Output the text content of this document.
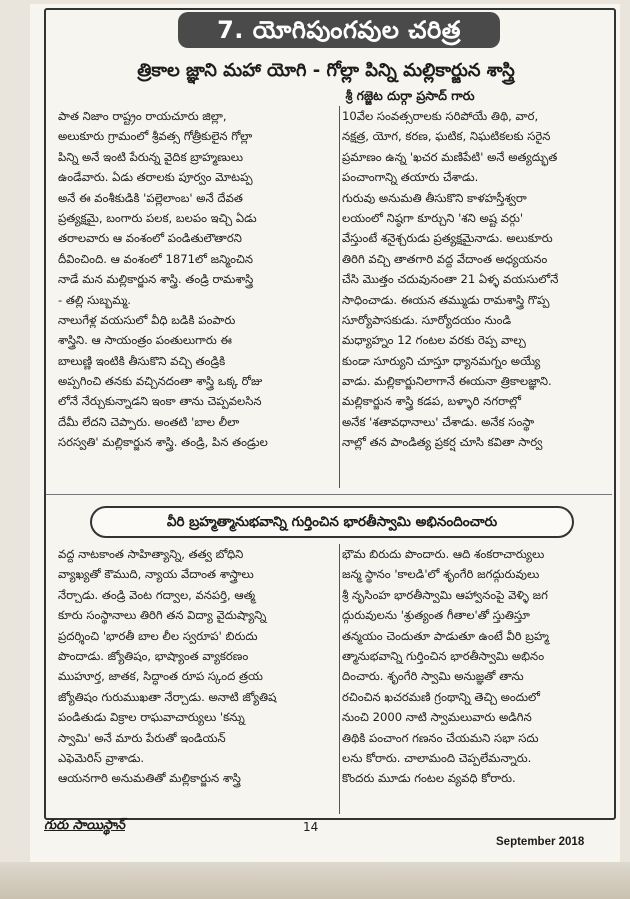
7. యోగిపుంగవుల చరిత్ర
త్రికాల జ్ఞాని మహా యోగి - గోల్లా పిన్ని మల్లికార్జున శాస్త్రి
శ్రీ గజ్జెట దుర్గా ప్రసాద్ గారు
పాత నిజాం రాష్ట్రం రాయచూరు జిల్లా,
అలుకూరు గ్రామంలో శ్రీవత్స గోత్రీకులైన గోల్లా
పిన్ని అనే ఇంటి పేరున్న వైదిక బ్రాహ్మణులు
ఉండేవారు. ఏడు తరాలకు పూర్వం మోటప్ప
అనే ఈ వంశీకుడికి 'పల్లెలాంబ' అనే దేవత
ప్రత్యక్షమై, బంగారు పలక, బలపం ఇచ్చి ఏడు
తరాలవారు ఆ వంశంలో పండితులౌతారని
దీవించింది. ఆ వంశంలో 1871లో జన్మించిన
నాడే మన మల్లికార్జున శాస్త్రి. తండ్రి రామశాస్త్రి
- తల్లి సుబ్బమ్మ.
నాలుగేళ్ల వయసులో వీధి బడికి పంపారు
శాస్త్రిని. ఆ సాయంత్రం పంతులుగారు ఈ
బాలుణ్ణి ఇంటికి తీసుకొని వచ్చి తండ్రికి
అప్పగించి తనకు వచ్చినదంతా శాస్త్రి ఒక్క రోజు
లోనే నేర్చుకున్నాడని ఇంకా తాను చెప్పవలసిన
దేమీ లేదని చెప్పారు. అంతటి 'బాల లీలా
సరస్వతి' మల్లికార్జున శాస్త్రి. తండ్రి, పిన తండ్రుల
10వేల సంవత్సరాలకు సరిపోయే తిథి, వార,
నక్షత్ర, యోగ, కరణ, ఘటిక, నిఘటికలకు సరైన
ప్రమాణం ఉన్న 'ఖచర మణిపేటి' అనే అత్యద్భుత
పంచాంగాన్ని తయారు చేశాడు.
గురువు అనుమతి తీసుకొని కాళహస్తీశ్వరా
లయంలో నిష్ఠగా కూర్చుని 'శని అష్ట వర్గు'
వేస్తుంటే శనైశ్చరుడు ప్రత్యక్షమైనాడు. అలుకూరు
తిరిగి వచ్చి తాతగారి వద్ద వేదాంత అధ్యయనం
చేసి మొత్తం చదువునంతా 21 ఏళ్ళ వయసులోనే
సాధించాడు. ఈయన తమ్ముడు రామశాస్త్రి గొప్ప
సూర్యోపాసకుడు. సూర్యోదయం నుండి
మధ్యాహ్నం 12 గంటల వరకు రెప్ప వాల్చ
కుండా సూర్యుని చూస్తూ ధ్యానమగ్నం అయ్యే
వాడు. మల్లికార్జునిలాగానే ఈయనా త్రికాలజ్ఞాని.
మల్లికార్జున శాస్త్రి కడప, బళ్ళారి నగరాల్లో
అనేక 'శతావధానాలు' చేశాడు. అనేక సంస్థా
నాల్లో తన పాండిత్య ప్రకర్ష చూసి కవితా సార్వ
వీరి బ్రహ్మత్మానుభవాన్ని గుర్తించిన భారతీస్వామి అభినందించారు
వద్ద నాటకాంత సాహిత్యాన్ని, తత్వ బోధిని
వ్యాఖ్యతో కౌముది, న్యాయ వేదాంత శాస్త్రాలు
నేర్చాడు. తండ్రి వెంట గద్వాల, వనపర్తి, ఆత్మ
కూరు సంస్థానాలు తిరిగి తన విద్యా వైదుష్యాన్ని
ప్రదర్శించి 'భారతీ బాల లీల స్వరూప' బిరుదు
పొందాడు. జ్యోతిషం, భాష్యాంత వ్యాకరణం
ముహూర్త, జాతక, సిద్ధాంత రూప స్కంద త్రయ
జ్యోతిషం గురుముఖతా నేర్చాడు. అనాటి జ్యోతిష
పండితుడు విక్రాల రాఘవాచార్యులు 'కన్ను
స్వామి' అనే మారు పేరుతో ఇండియన్
ఎఫెమెరిస్ వ్రాశాడు.
ఆయనగారి అనుమతితో మల్లికార్జున శాస్త్రి
భౌమ బిరుదు పొందారు. ఆది శంకరాచార్యులు
జన్మ స్థానం 'కాలడి'లో శృంగేరి జగద్గురువులు
శ్రీ నృసింహ భారతీస్వామి ఆహ్వానంపై వెళ్ళి జగ
ద్గురువులను 'శ్రుత్యంత గీతాల'తో స్తుతిస్తూ
తన్మయం చెందుతూ పాడుతూ ఉంటే వీరి బ్రహ్మ
త్మానుభవాన్ని గుర్తించిన భారతీస్వామి అభినం
దించారు. శృంగేరి స్వామి అనుజ్ఞతో తాను
రచించిన ఖచరమణి గ్రంథాన్ని తెచ్చి అందులో
నుంచి 2000 నాటి స్వామలువారు అడిగిన
తిథికి పంచాంగ గణనం చేయమని సభా సదు
లను కోరారు. చాలామంది చెప్పలేమన్నారు.
కొందరు మూడు గంటల వ్యవధి కోరారు.
గురు సాయిస్థాన్	14
September 2018
